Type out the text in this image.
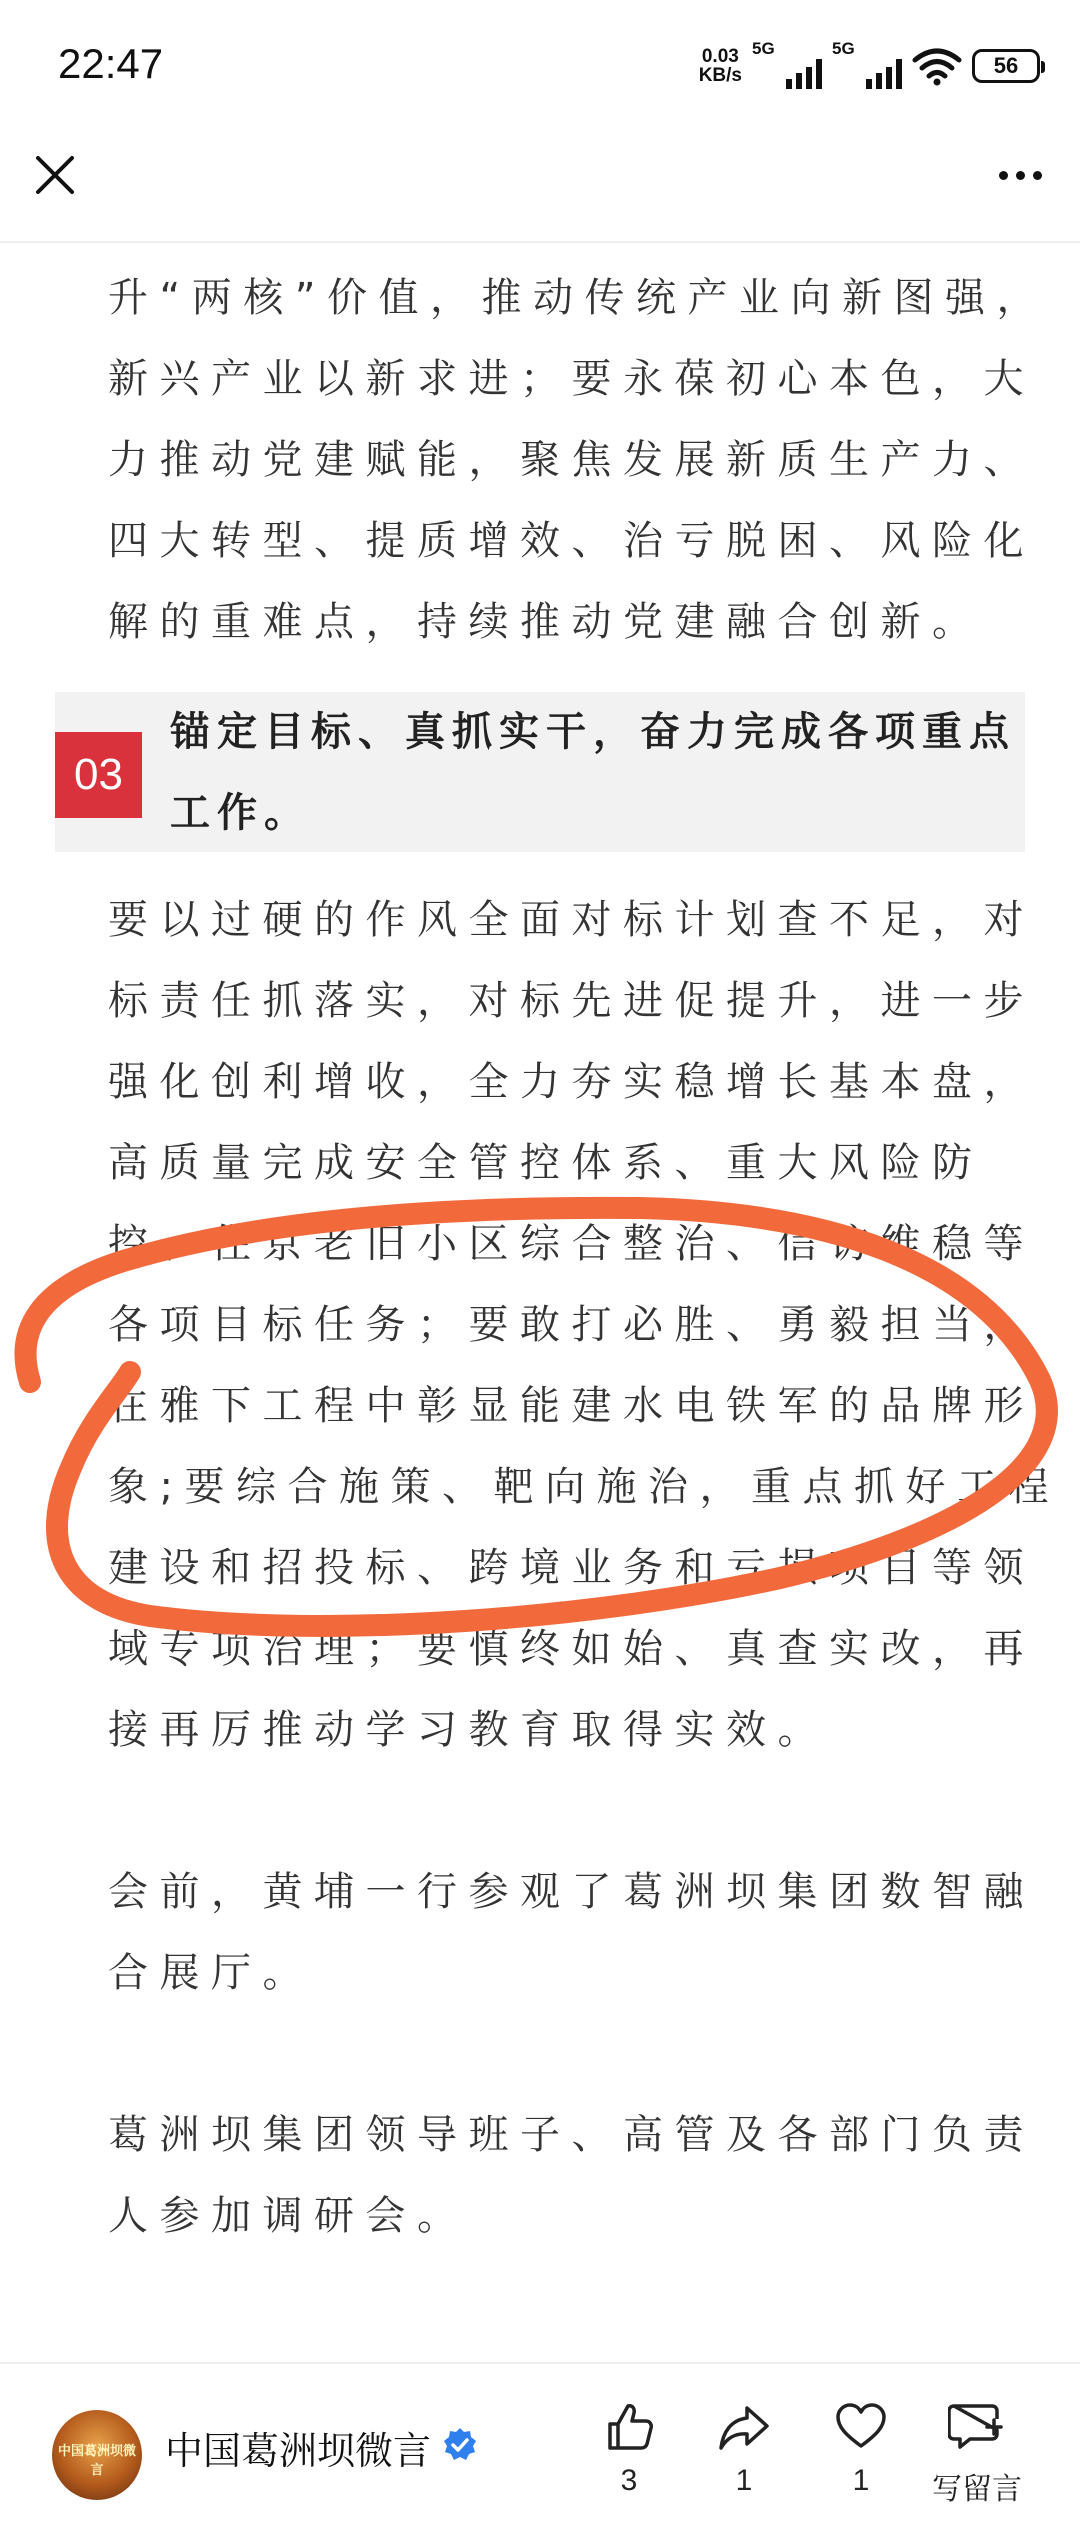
22:47	0.03
KB/s
5G	5G
56

升“两核”价值，推动传统产业向新图强，
新兴产业以新求进；要永葆初心本色，大
力推动党建赋能，聚焦发展新质生产力、
四大转型、提质增效、治亏脱困、风险化
解的重难点，持续推动党建融合创新。

03
锚定目标、真抓实干，奋力完成各项重点
工作。

要以过硬的作风全面对标计划查不足，对
标责任抓落实，对标先进促提升，进一步
强化创利增收，全力夯实稳增长基本盘，
高质量完成安全管控体系、重大风险防
控、住京老旧小区综合整治、信访维稳等
各项目标任务；要敢打必胜、勇毅担当，
在雅下工程中彰显能建水电铁军的品牌形
象;要综合施策、靶向施治，重点抓好工程
建设和招投标、跨境业务和亏损项目等领
域专项治理；要慎终如始、真查实改，再
接再厉推动学习教育取得实效。

会前，黄埔一行参观了葛洲坝集团数智融
合展厅。

葛洲坝集团领导班子、高管及各部门负责
人参加调研会。

中国葛洲坝微言	中国葛洲坝微言
3	1	1	写留言
